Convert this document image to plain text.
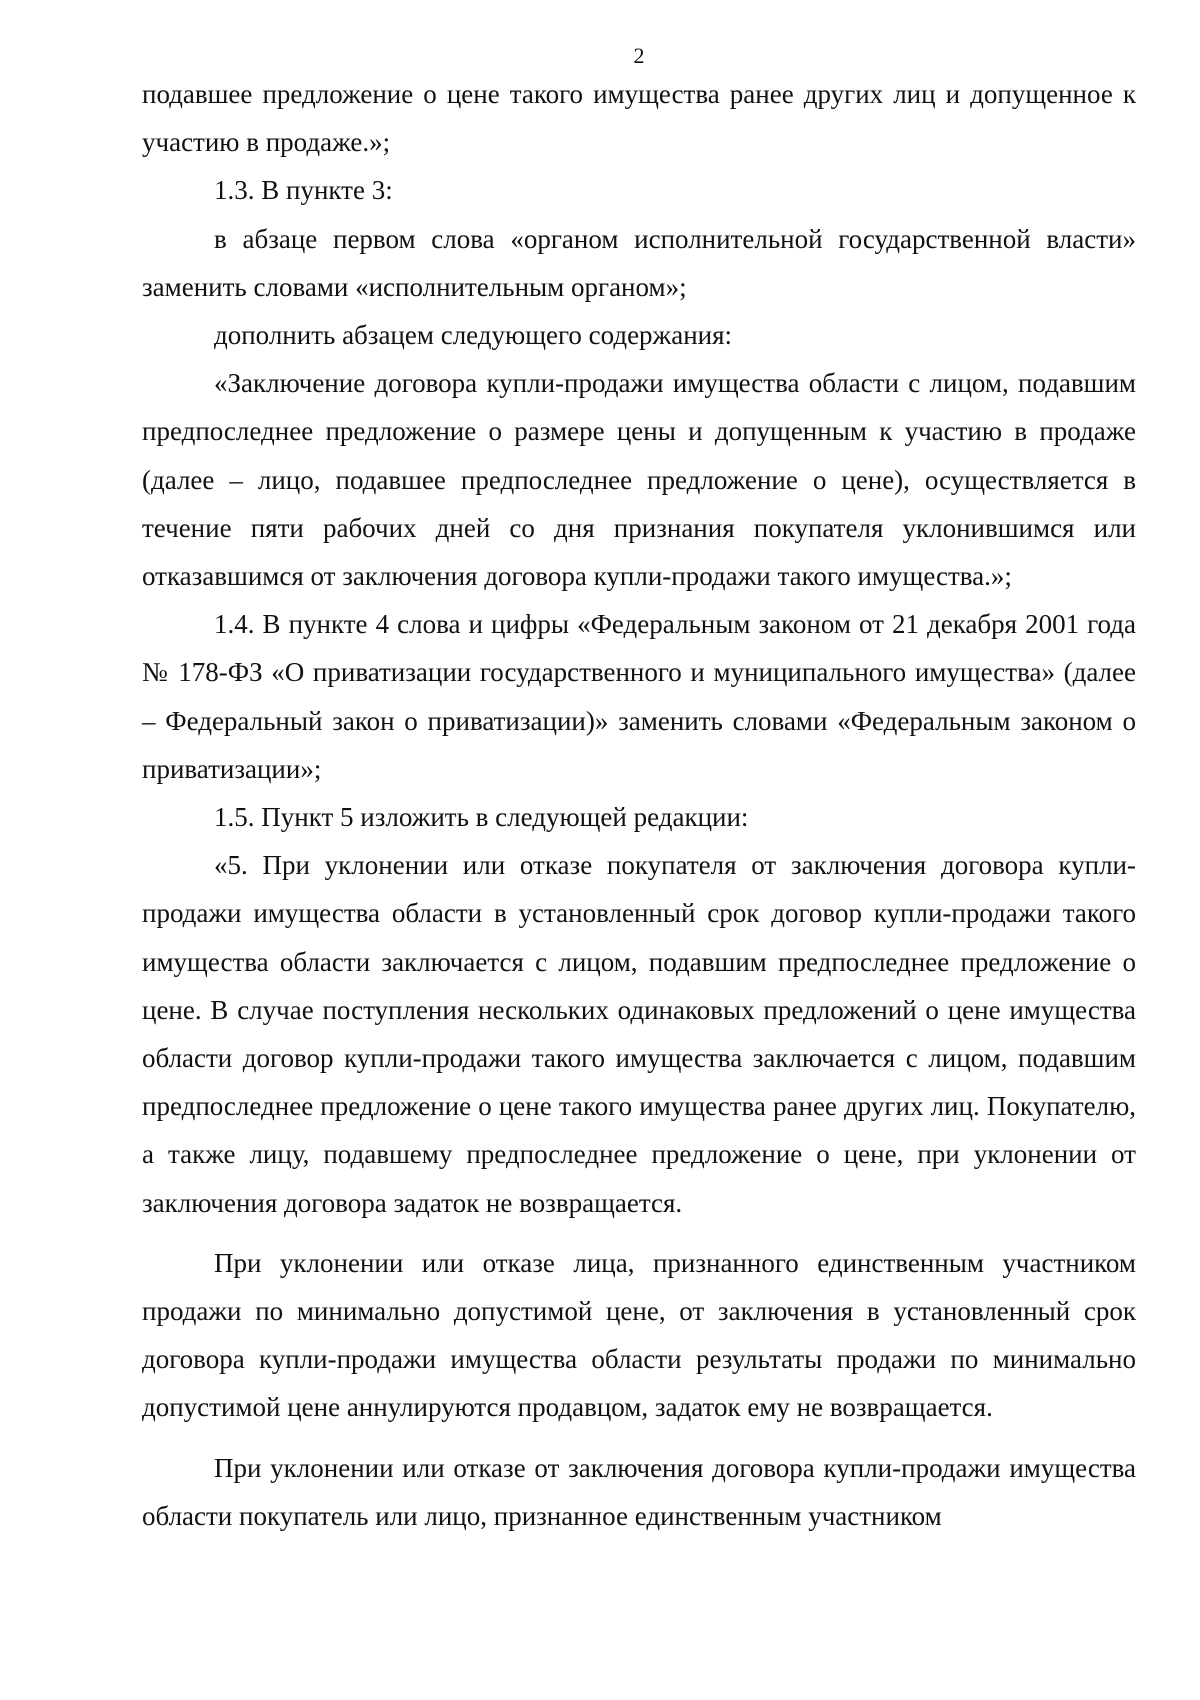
2

подавшее предложение о цене такого имущества ранее других лиц и допущенное к участию в продаже.»;

1.3. В пункте 3:

в абзаце первом слова «органом исполнительной государственной власти» заменить словами «исполнительным органом»;

дополнить абзацем следующего содержания:

«Заключение договора купли-продажи имущества области с лицом, подавшим предпоследнее предложение о размере цены и допущенным к участию в продаже (далее – лицо, подавшее предпоследнее предложение о цене), осуществляется в течение пяти рабочих дней со дня признания покупателя уклонившимся или отказавшимся от заключения договора купли-продажи такого имущества.»;

1.4. В пункте 4 слова и цифры «Федеральным законом от 21 декабря 2001 года № 178-ФЗ «О приватизации государственного и муниципального имущества» (далее – Федеральный закон о приватизации)» заменить словами «Федеральным законом о приватизации»;

1.5. Пункт 5 изложить в следующей редакции:

«5. При уклонении или отказе покупателя от заключения договора купли-продажи имущества области в установленный срок договор купли-продажи такого имущества области заключается с лицом, подавшим предпоследнее предложение о цене. В случае поступления нескольких одинаковых предложений о цене имущества области договор купли-продажи такого имущества заключается с лицом, подавшим предпоследнее предложение о цене такого имущества ранее других лиц. Покупателю, а также лицу, подавшему предпоследнее предложение о цене, при уклонении от заключения договора задаток не возвращается.

При уклонении или отказе лица, признанного единственным участником продажи по минимально допустимой цене, от заключения в установленный срок договора купли-продажи имущества области результаты продажи по минимально допустимой цене аннулируются продавцом, задаток ему не возвращается.

При уклонении или отказе от заключения договора купли-продажи имущества области покупатель или лицо, признанное единственным участником
